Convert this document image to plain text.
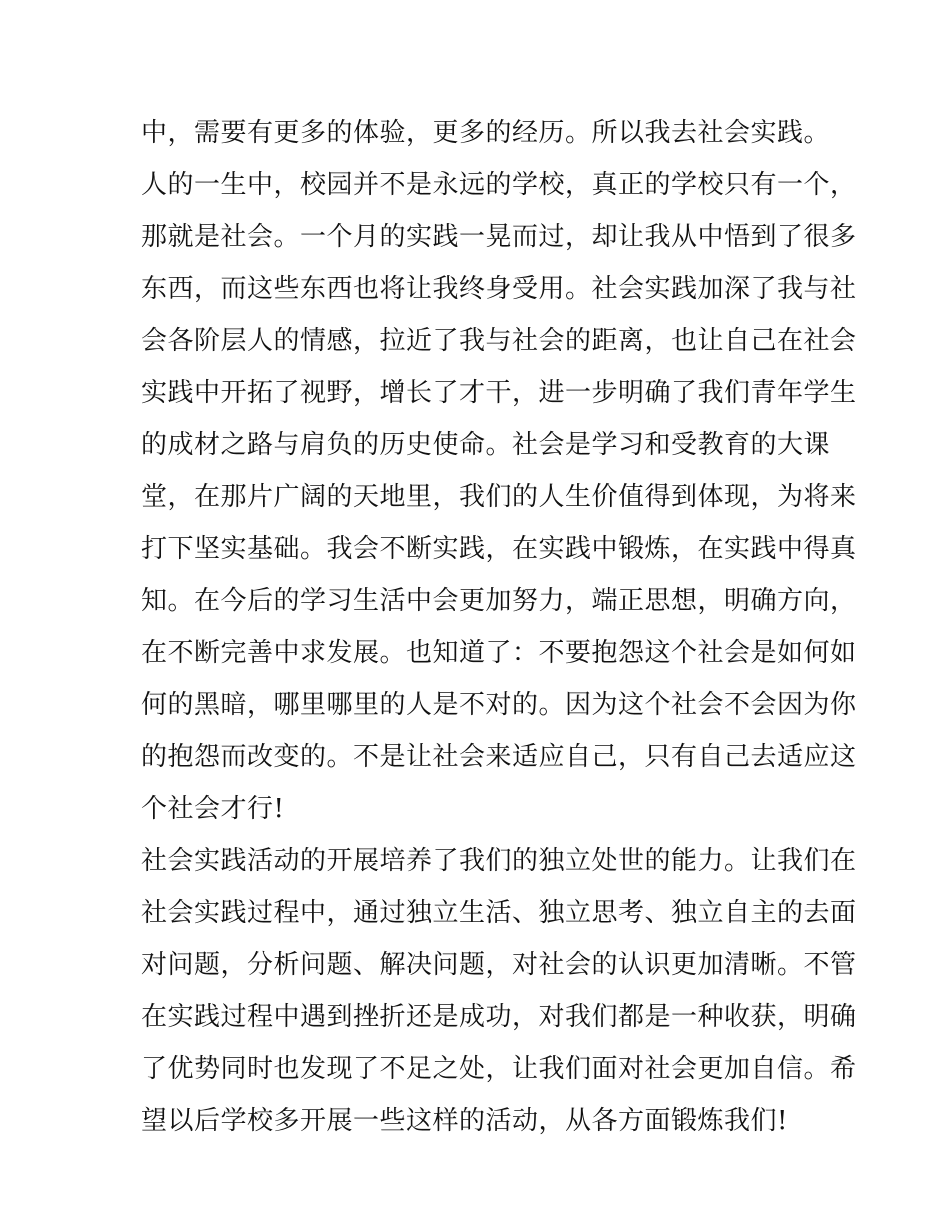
中，需要有更多的体验，更多的经历。所以我去社会实践。
人的一生中，校园并不是永远的学校，真正的学校只有一个，
那就是社会。一个月的实践一晃而过，却让我从中悟到了很多
东西，而这些东西也将让我终身受用。社会实践加深了我与社
会各阶层人的情感，拉近了我与社会的距离，也让自己在社会
实践中开拓了视野，增长了才干，进一步明确了我们青年学生
的成材之路与肩负的历史使命。社会是学习和受教育的大课
堂，在那片广阔的天地里，我们的人生价值得到体现，为将来
打下坚实基础。我会不断实践，在实践中锻炼，在实践中得真
知。在今后的学习生活中会更加努力，端正思想，明确方向，
在不断完善中求发展。也知道了：不要抱怨这个社会是如何如
何的黑暗，哪里哪里的人是不对的。因为这个社会不会因为你
的抱怨而改变的。不是让社会来适应自己，只有自己去适应这
个社会才行!
社会实践活动的开展培养了我们的独立处世的能力。让我们在
社会实践过程中，通过独立生活、独立思考、独立自主的去面
对问题，分析问题、解决问题，对社会的认识更加清晰。不管
在实践过程中遇到挫折还是成功，对我们都是一种收获，明确
了优势同时也发现了不足之处，让我们面对社会更加自信。希
望以后学校多开展一些这样的活动，从各方面锻炼我们!
